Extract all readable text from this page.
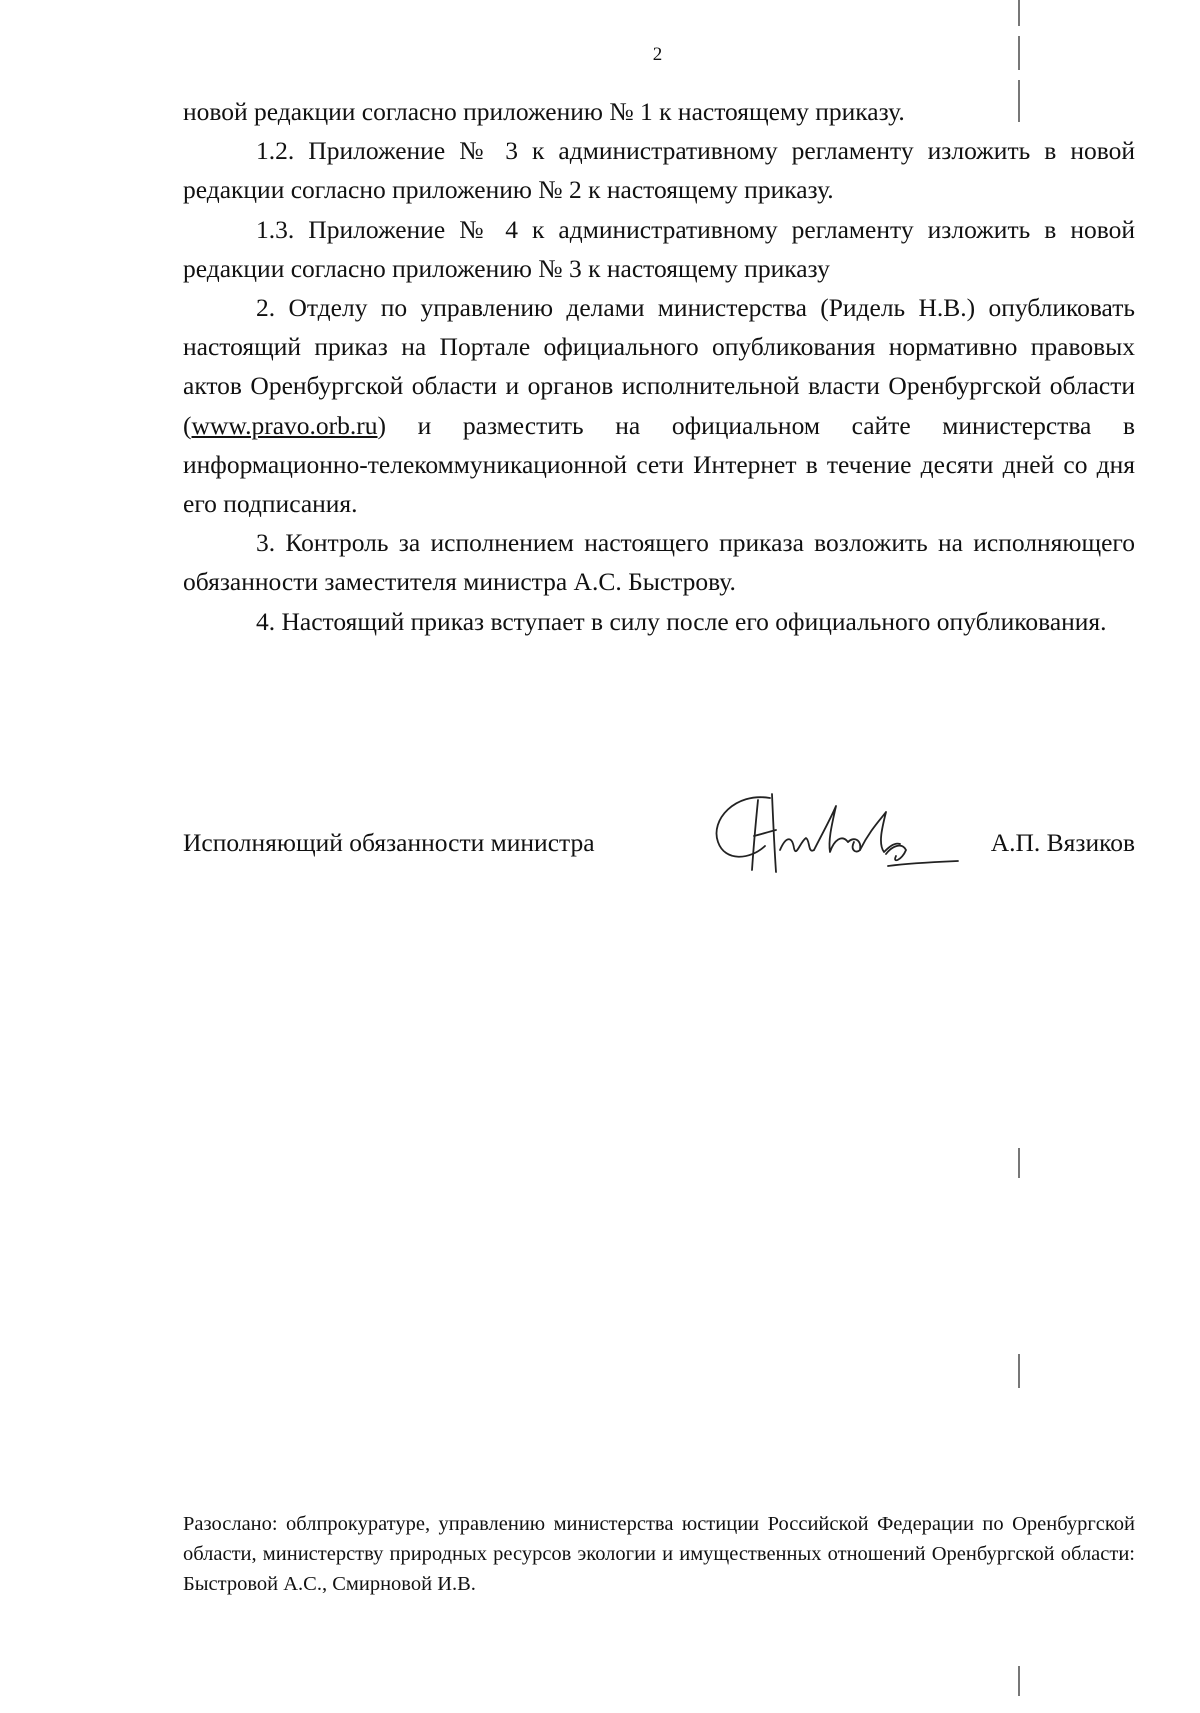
2

новой редакции согласно приложению № 1 к настоящему приказу.

1.2. Приложение № 3 к административному регламенту изложить в новой редакции согласно приложению № 2 к настоящему приказу.

1.3. Приложение № 4 к административному регламенту изложить в новой редакции согласно приложению № 3 к настоящему приказу

2. Отделу по управлению делами министерства (Ридель Н.В.) опубликовать настоящий приказ на Портале официального опубликования нормативно правовых актов Оренбургской области и органов исполнительной власти Оренбургской области (www.pravo.orb.ru) и разместить на официальном сайте министерства в информационно-телекоммуникационной сети Интернет в течение десяти дней со дня его подписания.

3. Контроль за исполнением настоящего приказа возложить на исполняющего обязанности заместителя министра А.С. Быстрову.

4. Настоящий приказ вступает в силу после его официального опубликования.

Исполняющий обязанности министра	А.П. Вязиков
Разослано: облпрокуратуре, управлению министерства юстиции Российской Федерации по Оренбургской области, министерству природных ресурсов экологии и имущественных отношений Оренбургской области: Быстровой А.С., Смирновой И.В.
